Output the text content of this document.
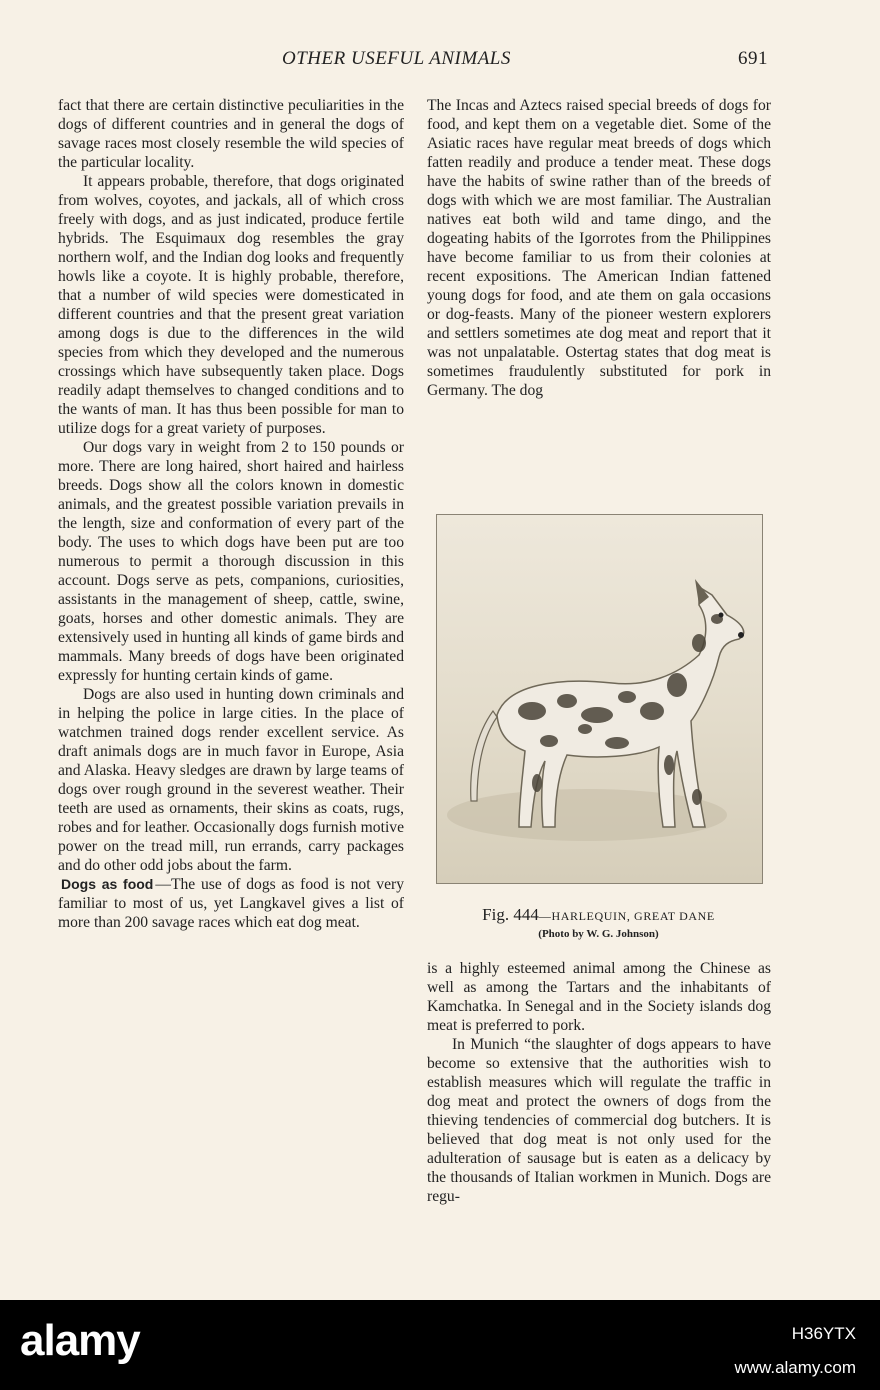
OTHER USEFUL ANIMALS	691

fact that there are certain distinctive peculiarities in the dogs of different countries and in general the dogs of savage races most closely resemble the wild species of the particular locality.

It appears probable, therefore, that dogs originated from wolves, coyotes, and jackals, all of which cross freely with dogs, and as just indicated, produce fertile hybrids. The Esquimaux dog resembles the gray northern wolf, and the Indian dog looks and frequently howls like a coyote. It is highly probable, therefore, that a number of wild species were domesticated in different countries and that the present great variation among dogs is due to the differences in the wild species from which they developed and the numerous crossings which have subsequently taken place. Dogs readily adapt themselves to changed conditions and to the wants of man. It has thus been possible for man to utilize dogs for a great variety of purposes.

Our dogs vary in weight from 2 to 150 pounds or more. There are long haired, short haired and hairless breeds. Dogs show all the colors known in domestic animals, and the greatest possible variation prevails in the length, size and conformation of every part of the body. The uses to which dogs have been put are too numerous to permit a thorough discussion in this account. Dogs serve as pets, companions, curiosities, assistants in the management of sheep, cattle, swine, goats, horses and other domestic animals. They are extensively used in hunting all kinds of game birds and mammals. Many breeds of dogs have been originated expressly for hunting certain kinds of game.

Dogs are also used in hunting down criminals and in helping the police in large cities. In the place of watchmen trained dogs render excellent service. As draft animals dogs are in much favor in Europe, Asia and Alaska. Heavy sledges are drawn by large teams of dogs over rough ground in the severest weather. Their teeth are used as ornaments, their skins as coats, rugs, robes and for leather. Occasionally dogs furnish motive power on the tread mill, run errands, carry packages and do other odd jobs about the farm.

Dogs as food —The use of dogs as food is not very familiar to most of us, yet Langkavel gives a list of more than 200 savage races which eat dog meat.

The Incas and Aztecs raised special breeds of dogs for food, and kept them on a vegetable diet. Some of the Asiatic races have regular meat breeds of dogs which fatten readily and produce a tender meat. These dogs have the habits of swine rather than of the breeds of dogs with which we are most familiar. The Australian natives eat both wild and tame dingo, and the dogeating habits of the Igorrotes from the Philippines have become familiar to us from their colonies at recent expositions. The American Indian fattened young dogs for food, and ate them on gala occasions or dog-feasts. Many of the pioneer western explorers and settlers sometimes ate dog meat and report that it was not unpalatable. Ostertag states that dog meat is sometimes fraudulently substituted for pork in Germany. The dog

Fig. 444—HARLEQUIN, GREAT DANE
(Photo by W. G. Johnson)

is a highly esteemed animal among the Chinese as well as among the Tartars and the inhabitants of Kamchatka. In Senegal and in the Society islands dog meat is preferred to pork.

In Munich “the slaughter of dogs appears to have become so extensive that the authorities wish to establish measures which will regulate the traffic in dog meat and protect the owners of dogs from the thieving tendencies of commercial dog butchers. It is believed that dog meat is not only used for the adulteration of sausage but is eaten as a delicacy by the thousands of Italian workmen in Munich. Dogs are regu-

alamy	H36YTX
www.alamy.com
